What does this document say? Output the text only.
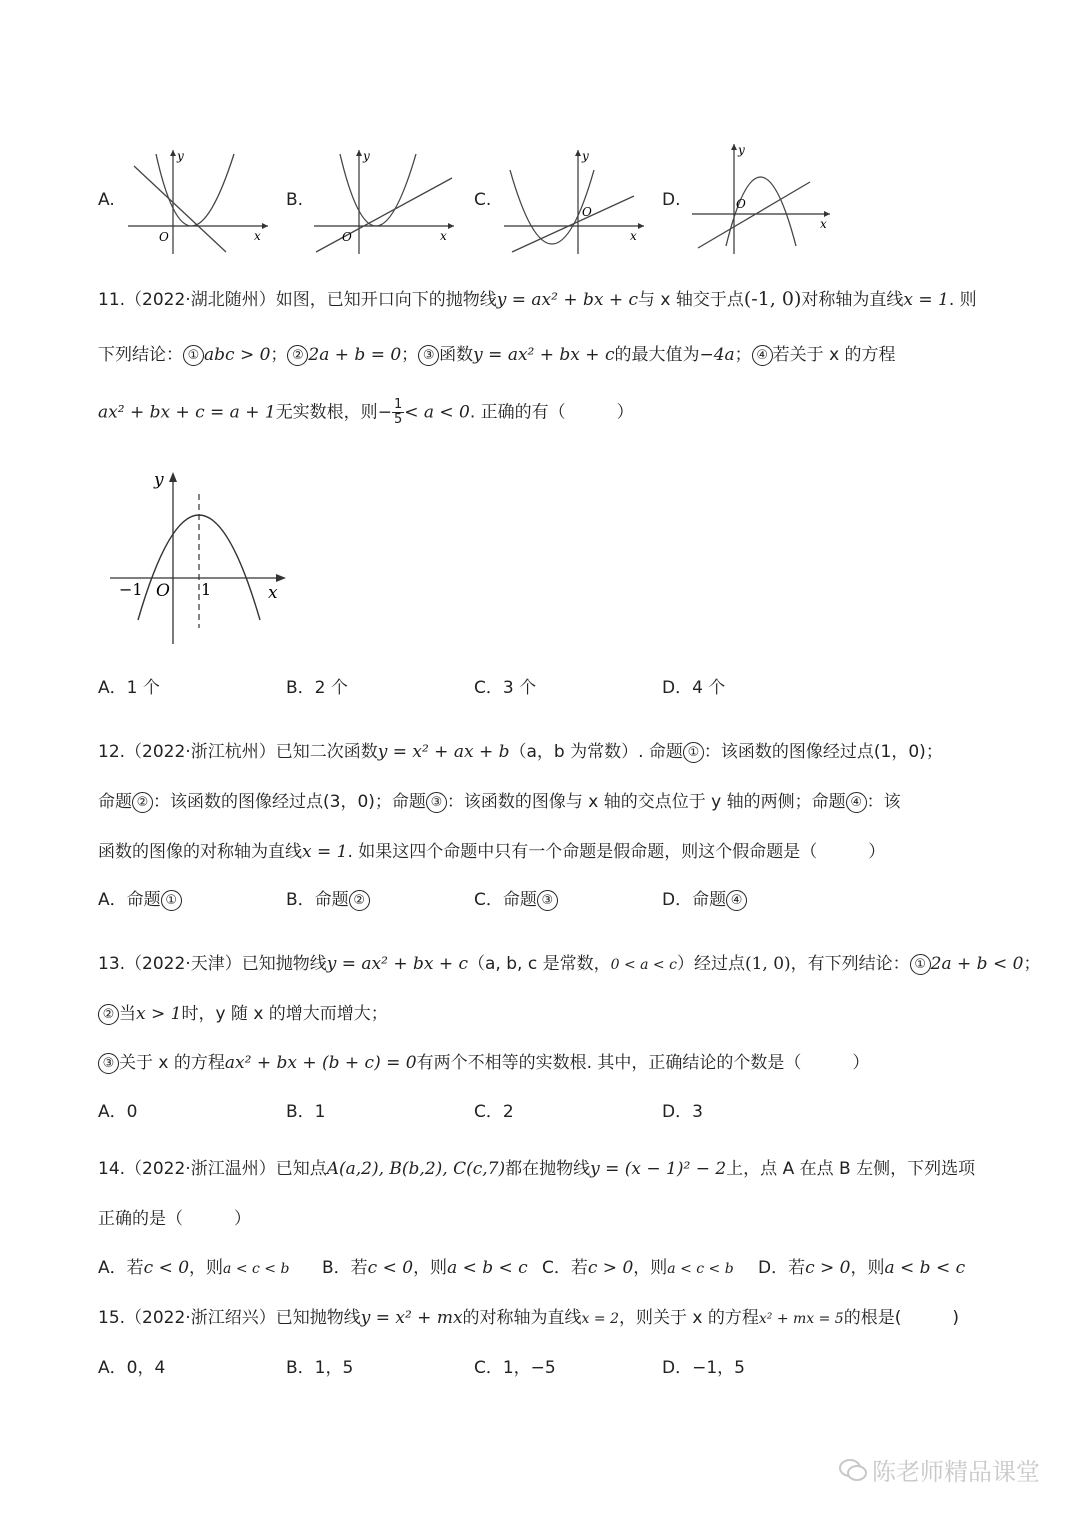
A.
y
x
O
B.
y
x
O
C.
y
x
O
D.
y
x
O
11.（2022·湖北随州）如图，已知开口向下的抛物线y = ax² + bx + c与 x 轴交于点(-1, 0)对称轴为直线x = 1. 则
下列结论： ① abc > 0； ② 2a + b = 0； ③ 函数y = ax² + bx + c的最大值为−4a； ④ 若关于 x 的方程
ax² + bx + c = a + 1无实数根，则− $\frac{1}{5} < a < 0$. 正确的有（　　　）
y
x
−1 O 1
A．1 个	B．2 个	C．3 个	D．4 个
12.（2022·浙江杭州）已知二次函数y = x² + ax + b（a，b 为常数）. 命题 ① ：该函数的图像经过点(1，0)；
命题 ② ：该函数的图像经过点(3，0)；命题 ③ ：该函数的图像与 x 轴的交点位于 y 轴的两侧；命题 ④ ：该
函数的图像的对称轴为直线x = 1. 如果这四个命题中只有一个命题是假命题，则这个假命题是（　　　）
A．命题 ①	B．命题 ②	C．命题 ③	D．命题 ④
13.（2022·天津）已知抛物线y = ax² + bx + c（a, b, c 是常数，0 < a < c）经过点(1, 0)，有下列结论： ① 2a + b < 0；
② 当x > 1时，y 随 x 的增大而增大；
③ 关于 x 的方程ax² + bx + (b + c) = 0有两个不相等的实数根. 其中，正确结论的个数是（　　　）
A．0	B．1	C．2	D．3
14.（2022·浙江温州）已知点A(a,2), B(b,2), C(c,7)都在抛物线y = (x − 1)² − 2上，点 A 在点 B 左侧，下列选项
正确的是（　　　）
A．若c < 0，则a < c < b B．若c < 0，则a < b < c C．若c > 0，则a < c < b D．若c > 0，则a < b < c
15.（2022·浙江绍兴）已知抛物线y = x² + mx的对称轴为直线x = 2，则关于 x 的方程x² + mx = 5的根是(　　　)
A．0，4	B．1，5	C．1，−5	D．−1，5
陈老师精品课堂
